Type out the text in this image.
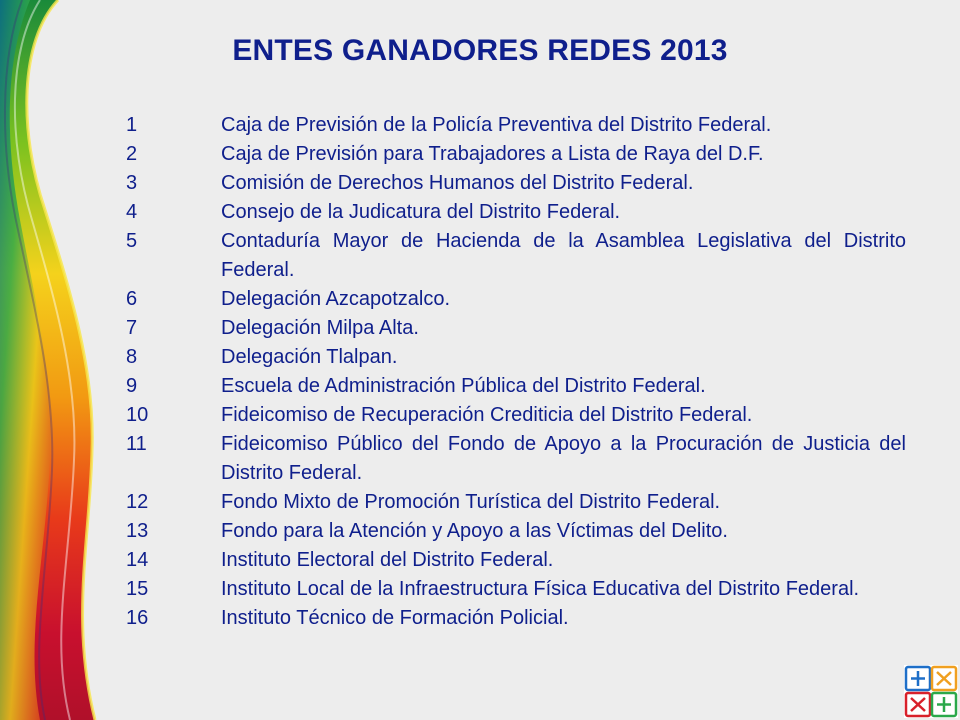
ENTES GANADORES REDES 2013
1	Caja de Previsión de la Policía Preventiva del Distrito Federal.
2	Caja de Previsión para Trabajadores a Lista de Raya del D.F.
3	Comisión de Derechos Humanos del Distrito Federal.
4	Consejo de la Judicatura del Distrito Federal.
5	Contaduría Mayor de Hacienda de la Asamblea Legislativa del Distrito Federal.
6	Delegación Azcapotzalco.
7	Delegación Milpa Alta.
8	Delegación Tlalpan.
9	Escuela de Administración Pública del Distrito Federal.
10	Fideicomiso de Recuperación Crediticia del Distrito Federal.
11	Fideicomiso Público del Fondo de Apoyo a la Procuración de Justicia del Distrito Federal.
12	Fondo Mixto de Promoción Turística del Distrito Federal.
13	Fondo para la Atención y Apoyo a las Víctimas del Delito.
14	Instituto Electoral del Distrito Federal.
15	Instituto Local de la Infraestructura Física Educativa del Distrito Federal.
16	Instituto Técnico de Formación Policial.
